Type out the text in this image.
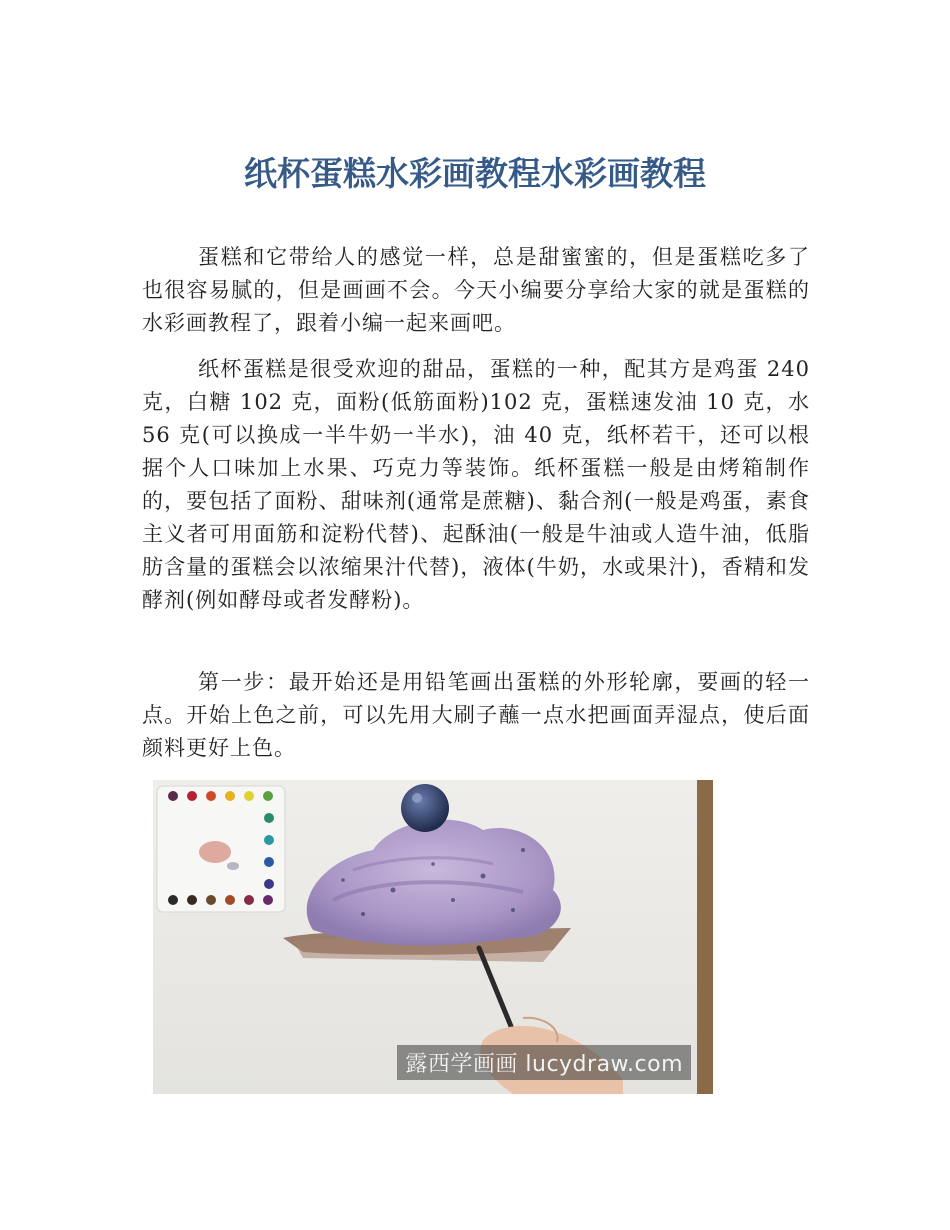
纸杯蛋糕水彩画教程水彩画教程

蛋糕和它带给人的感觉一样，总是甜蜜蜜的，但是蛋糕吃多了也很容易腻的，但是画画不会。今天小编要分享给大家的就是蛋糕的水彩画教程了，跟着小编一起来画吧。

纸杯蛋糕是很受欢迎的甜品，蛋糕的一种，配其方是鸡蛋 240 克，白糖 102 克，面粉(低筋面粉)102 克，蛋糕速发油 10 克，水 56 克(可以换成一半牛奶一半水)，油 40 克，纸杯若干，还可以根据个人口味加上水果、巧克力等装饰。纸杯蛋糕一般是由烤箱制作的，要包括了面粉、甜味剂(通常是蔗糖)、黏合剂(一般是鸡蛋，素食主义者可用面筋和淀粉代替)、起酥油(一般是牛油或人造牛油，低脂肪含量的蛋糕会以浓缩果汁代替)，液体(牛奶，水或果汁)，香精和发酵剂(例如酵母或者发酵粉)。

第一步：最开始还是用铅笔画出蛋糕的外形轮廓，要画的轻一点。开始上色之前，可以先用大刷子蘸一点水把画面弄湿点，使后面颜料更好上色。

露西学画画 lucydraw.com
